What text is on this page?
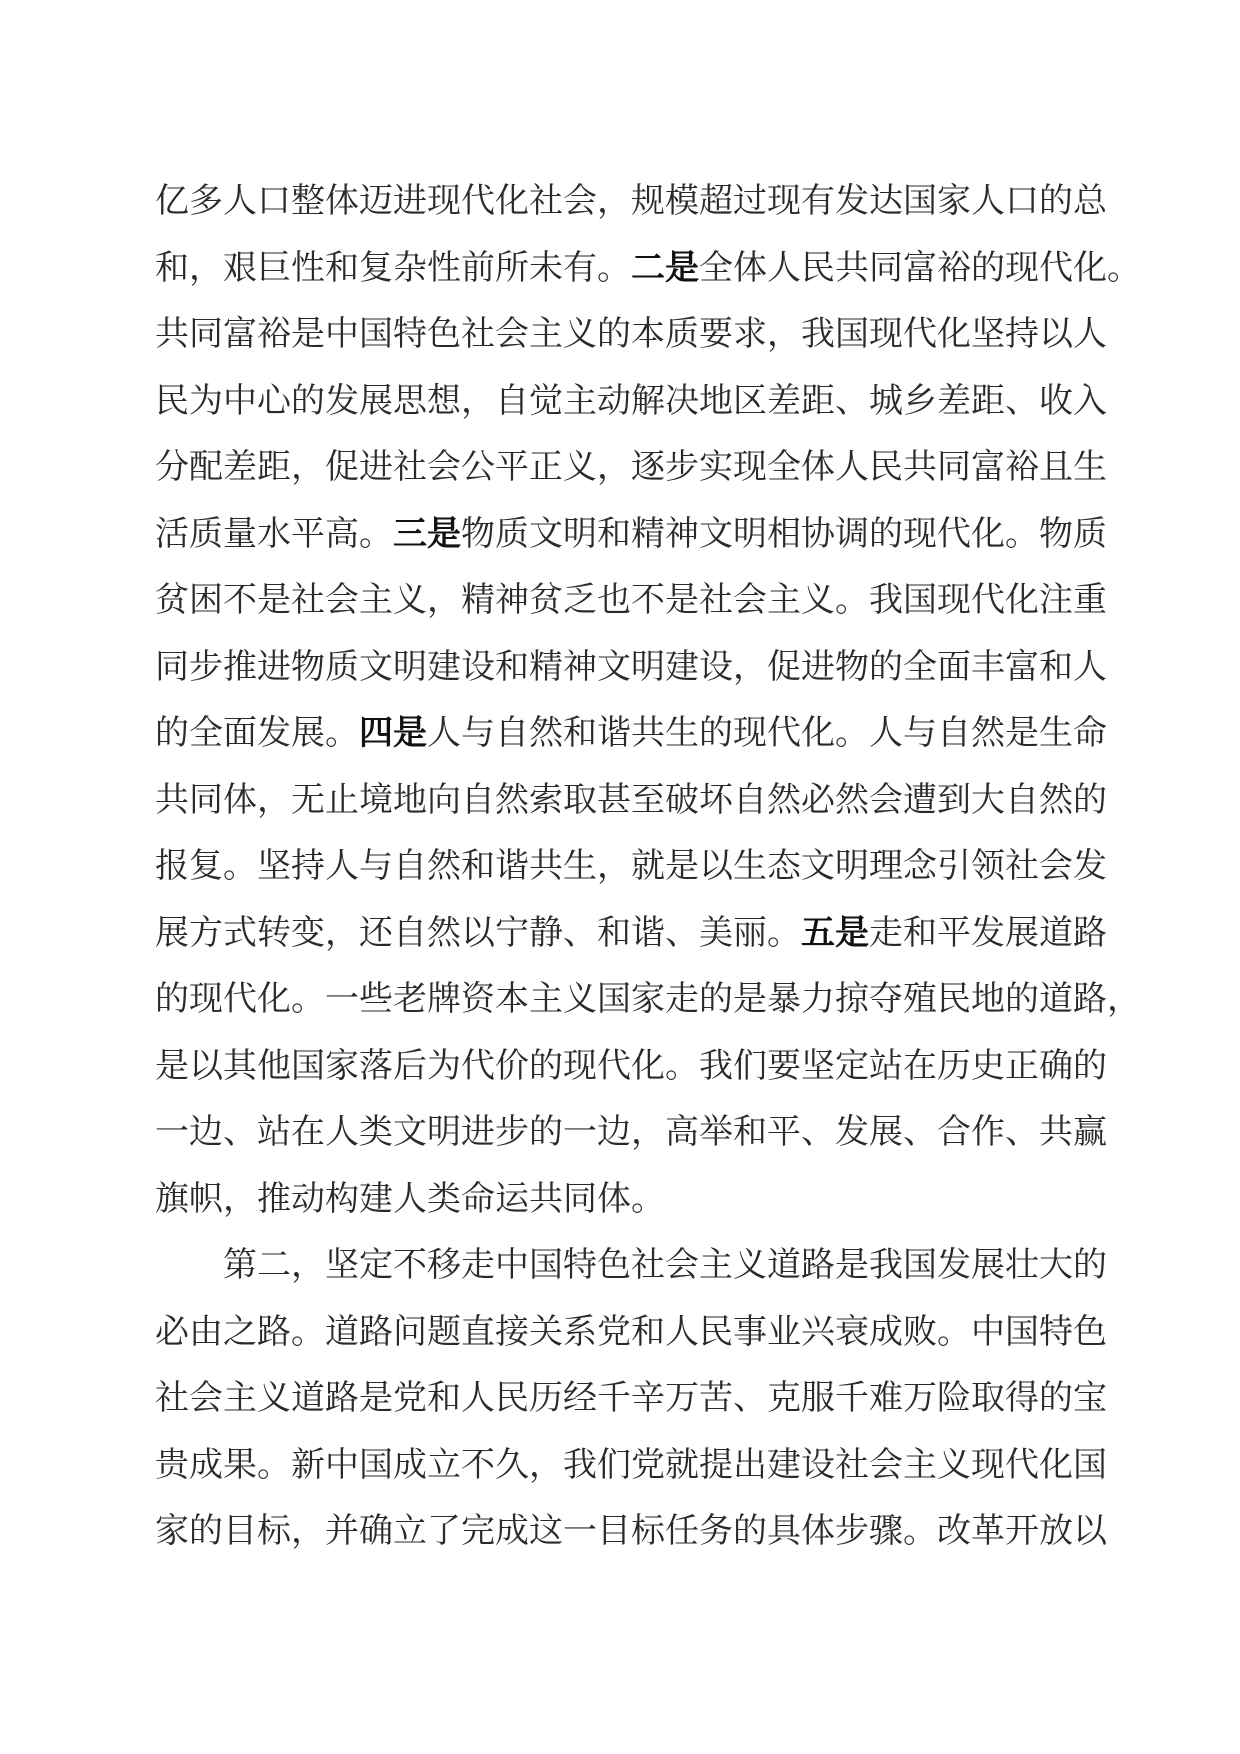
亿多人口整体迈进现代化社会，规模超过现有发达国家人口的总
和，艰巨性和复杂性前所未有。二是全体人民共同富裕的现代化。
共同富裕是中国特色社会主义的本质要求，我国现代化坚持以人
民为中心的发展思想，自觉主动解决地区差距、城乡差距、收入
分配差距，促进社会公平正义，逐步实现全体人民共同富裕且生
活质量水平高。三是物质文明和精神文明相协调的现代化。物质
贫困不是社会主义，精神贫乏也不是社会主义。我国现代化注重
同步推进物质文明建设和精神文明建设，促进物的全面丰富和人
的全面发展。四是人与自然和谐共生的现代化。人与自然是生命
共同体，无止境地向自然索取甚至破坏自然必然会遭到大自然的
报复。坚持人与自然和谐共生，就是以生态文明理念引领社会发
展方式转变，还自然以宁静、和谐、美丽。五是走和平发展道路
的现代化。一些老牌资本主义国家走的是暴力掠夺殖民地的道路，
是以其他国家落后为代价的现代化。我们要坚定站在历史正确的
一边、站在人类文明进步的一边，高举和平、发展、合作、共赢
旗帜，推动构建人类命运共同体。
第二，坚定不移走中国特色社会主义道路是我国发展壮大的
必由之路。道路问题直接关系党和人民事业兴衰成败。中国特色
社会主义道路是党和人民历经千辛万苦、克服千难万险取得的宝
贵成果。新中国成立不久，我们党就提出建设社会主义现代化国
家的目标，并确立了完成这一目标任务的具体步骤。改革开放以
